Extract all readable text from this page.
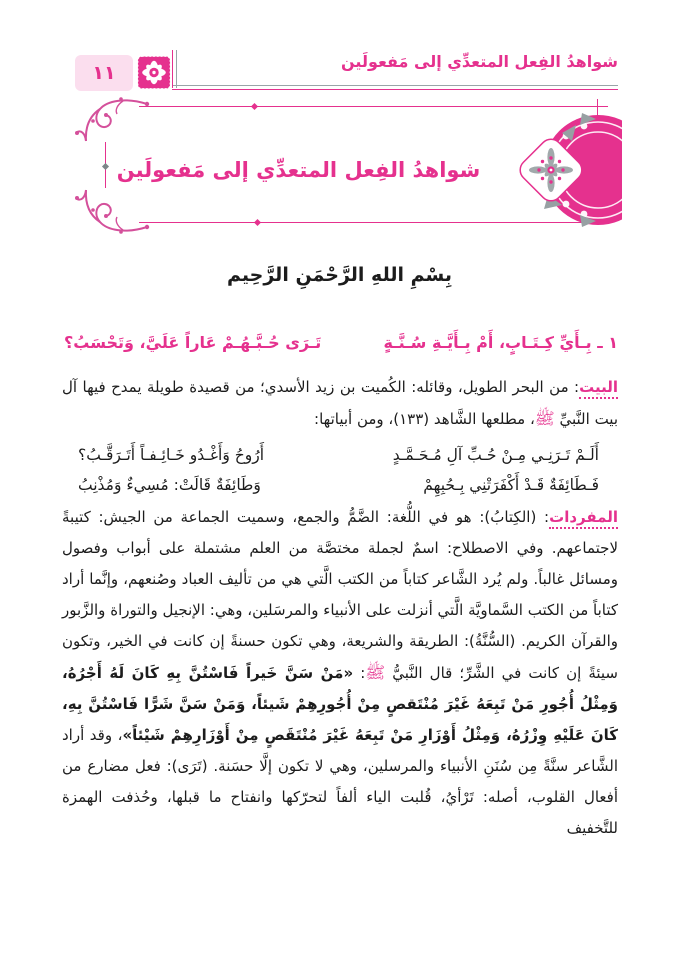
شواهدُ الفِعل المتعدِّي إلى مَفعولَين
١١
شواهدُ الفِعل المتعدِّي إلى مَفعولَين
بِسْمِ اللهِ الرَّحْمَنِ الرَّحِيم
١ ـ بِـأَيِّ كِـتَـابٍ، أَمْ بِـأَيَّـةِ سُـنَّـةٍ
تَـرَى حُـبَّـهُـمْ عَاراً عَلَيَّ، وَتَحْسَبُ؟
البيت: من البحر الطويل، وقائله: الكُميت بن زيد الأسدي؛ من قصيدة طويلة يمدح فيها آل بيت النَّبيِّ ﷺ، مطلعها الشَّاهد (١٣٣)، ومن أبياتها:
أَلَـمْ تَـرَنِـي مِـنْ حُـبِّ آلِ مُـحَـمَّـدٍ
أَرُوحُ وَأَغْـدُو خَـائِـفـاً أَتَـرَقَّـبُ؟
فَـطَائِفَةٌ قَـدْ أَكْفَرَتْنِي بِـحُبِهِمْ
وَطَائِفَةٌ قَالَتْ: مُسِيءٌ وَمُذْنِبُ
المفردات: (الكِتابُ): هو في اللُّغة: الضَّمُّ والجمع، وسميت الجماعة من الجيش: كتيبةً لاجتماعهم. وفي الاصطلاح: اسمٌ لجملة مختصَّة من العلم مشتملة على أبواب وفصول ومسائل غالباً. ولم يُرد الشَّاعر كتاباً من الكتب الَّتي هي من تأليف العباد وصُنعهم، وإنَّما أراد كتاباً من الكتب السَّماويَّة الَّتي أنزلت على الأنبياء والمرسَلين، وهي: الإنجيل والتوراة والزَّبور والقرآن الكريم. (السُّنَّةُ): الطريقة والشريعة، وهي تكون حسنةً إن كانت في الخير، وتكون سيئةً إن كانت في الشَّرِّ؛ قال النَّبيُّ ﷺ: «مَنْ سَنَّ خَيراً فَاسْتُنَّ بِهِ كَانَ لَهُ أَجْرُهُ، وَمِثْلُ أُجُورِ مَنْ تَبِعَهُ غَيْرَ مُنْتَقصٍ مِنْ أُجُورِهِمْ شَيئاً، وَمَنْ سَنَّ شَرًّا فَاسْتُنَّ بِهِ، كَانَ عَلَيْهِ وِزْرُهُ، وَمِثْلُ أَوْزَارِ مَنْ تَبِعَهُ غَيْرَ مُنْتَقَصٍ مِنْ أَوْزَارِهِمْ شَيْئاً»، وقد أراد الشَّاعر سنَّةً مِن سُنَنِ الأنبياء والمرسلين، وهي لا تكون إلَّا حسَنة. (تَرَى): فعل مضارع من أفعال القلوب، أصله: تَرْأيُ، قُلبت الياء ألفاً لتحرّكها وانفتاح ما قبلها، وحُذفت الهمزة للتَّخفيف
